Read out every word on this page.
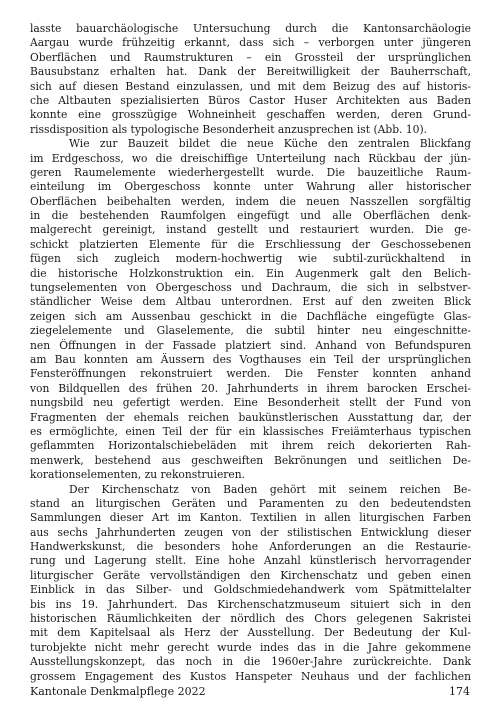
lasste bauarchäologische Untersuchung durch die Kantonsarchäologie
Aargau wurde frühzeitig erkannt, dass sich – verborgen unter jüngeren
Oberflächen und Raumstrukturen – ein Grossteil der ursprünglichen
Bausubstanz erhalten hat. Dank der Bereitwilligkeit der Bauherrschaft,
sich auf diesen Bestand einzulassen, und mit dem Beizug des auf historis-
che Altbauten spezialisierten Büros Castor Huser Architekten aus Baden
konnte eine grosszügige Wohneinheit geschaffen werden, deren Grund-
rissdisposition als typologische Besonderheit anzusprechen ist (Abb. 10).
Wie zur Bauzeit bildet die neue Küche den zentralen Blickfang
im Erdgeschoss, wo die dreischiffige Unterteilung nach Rückbau der jün-
geren Raumelemente wiederhergestellt wurde. Die bauzeitliche Raum-
einteilung im Obergeschoss konnte unter Wahrung aller historischer
Oberflächen beibehalten werden, indem die neuen Nasszellen sorgfältig
in die bestehenden Raumfolgen eingefügt und alle Oberflächen denk-
malgerecht gereinigt, instand gestellt und restauriert wurden. Die ge-
schickt platzierten Elemente für die Erschliessung der Geschossebenen
fügen sich zugleich modern-hochwertig wie subtil-zurückhaltend in
die historische Holzkonstruktion ein. Ein Augenmerk galt den Belich-
tungselementen von Obergeschoss und Dachraum, die sich in selbstver-
ständlicher Weise dem Altbau unterordnen. Erst auf den zweiten Blick
zeigen sich am Aussenbau geschickt in die Dachfläche eingefügte Glas-
ziegelelemente und Glaselemente, die subtil hinter neu eingeschnitte-
nen Öffnungen in der Fassade platziert sind. Anhand von Befundspuren
am Bau konnten am Äussern des Vogthauses ein Teil der ursprünglichen
Fensteröffnungen rekonstruiert werden. Die Fenster konnten anhand
von Bildquellen des frühen 20. Jahrhunderts in ihrem barocken Erschei-
nungsbild neu gefertigt werden. Eine Besonderheit stellt der Fund von
Fragmenten der ehemals reichen baukünstlerischen Ausstattung dar, der
es ermöglichte, einen Teil der für ein klassisches Freiämterhaus typischen
geflammten Horizontalschiebeläden mit ihrem reich dekorierten Rah-
menwerk, bestehend aus geschweiften Bekrönungen und seitlichen De-
korationselementen, zu rekonstruieren.
Der Kirchenschatz von Baden gehört mit seinem reichen Be-
stand an liturgischen Geräten und Paramenten zu den bedeutendsten
Sammlungen dieser Art im Kanton. Textilien in allen liturgischen Farben
aus sechs Jahrhunderten zeugen von der stilistischen Entwicklung dieser
Handwerkskunst, die besonders hohe Anforderungen an die Restaurie-
rung und Lagerung stellt. Eine hohe Anzahl künstlerisch hervorragender
liturgischer Geräte vervollständigen den Kirchenschatz und geben einen
Einblick in das Silber- und Goldschmiedehandwerk vom Spätmittelalter
bis ins 19. Jahrhundert. Das Kirchenschatzmuseum situiert sich in den
historischen Räumlichkeiten der nördlich des Chors gelegenen Sakristei
mit dem Kapitelsaal als Herz der Ausstellung. Der Bedeutung der Kul-
turobjekte nicht mehr gerecht wurde indes das in die Jahre gekommene
Ausstellungskonzept, das noch in die 1960er-Jahre zurückreichte. Dank
grossem Engagement des Kustos Hanspeter Neuhaus und der fachlichen
Kantonale Denkmalpflege 2022	174
